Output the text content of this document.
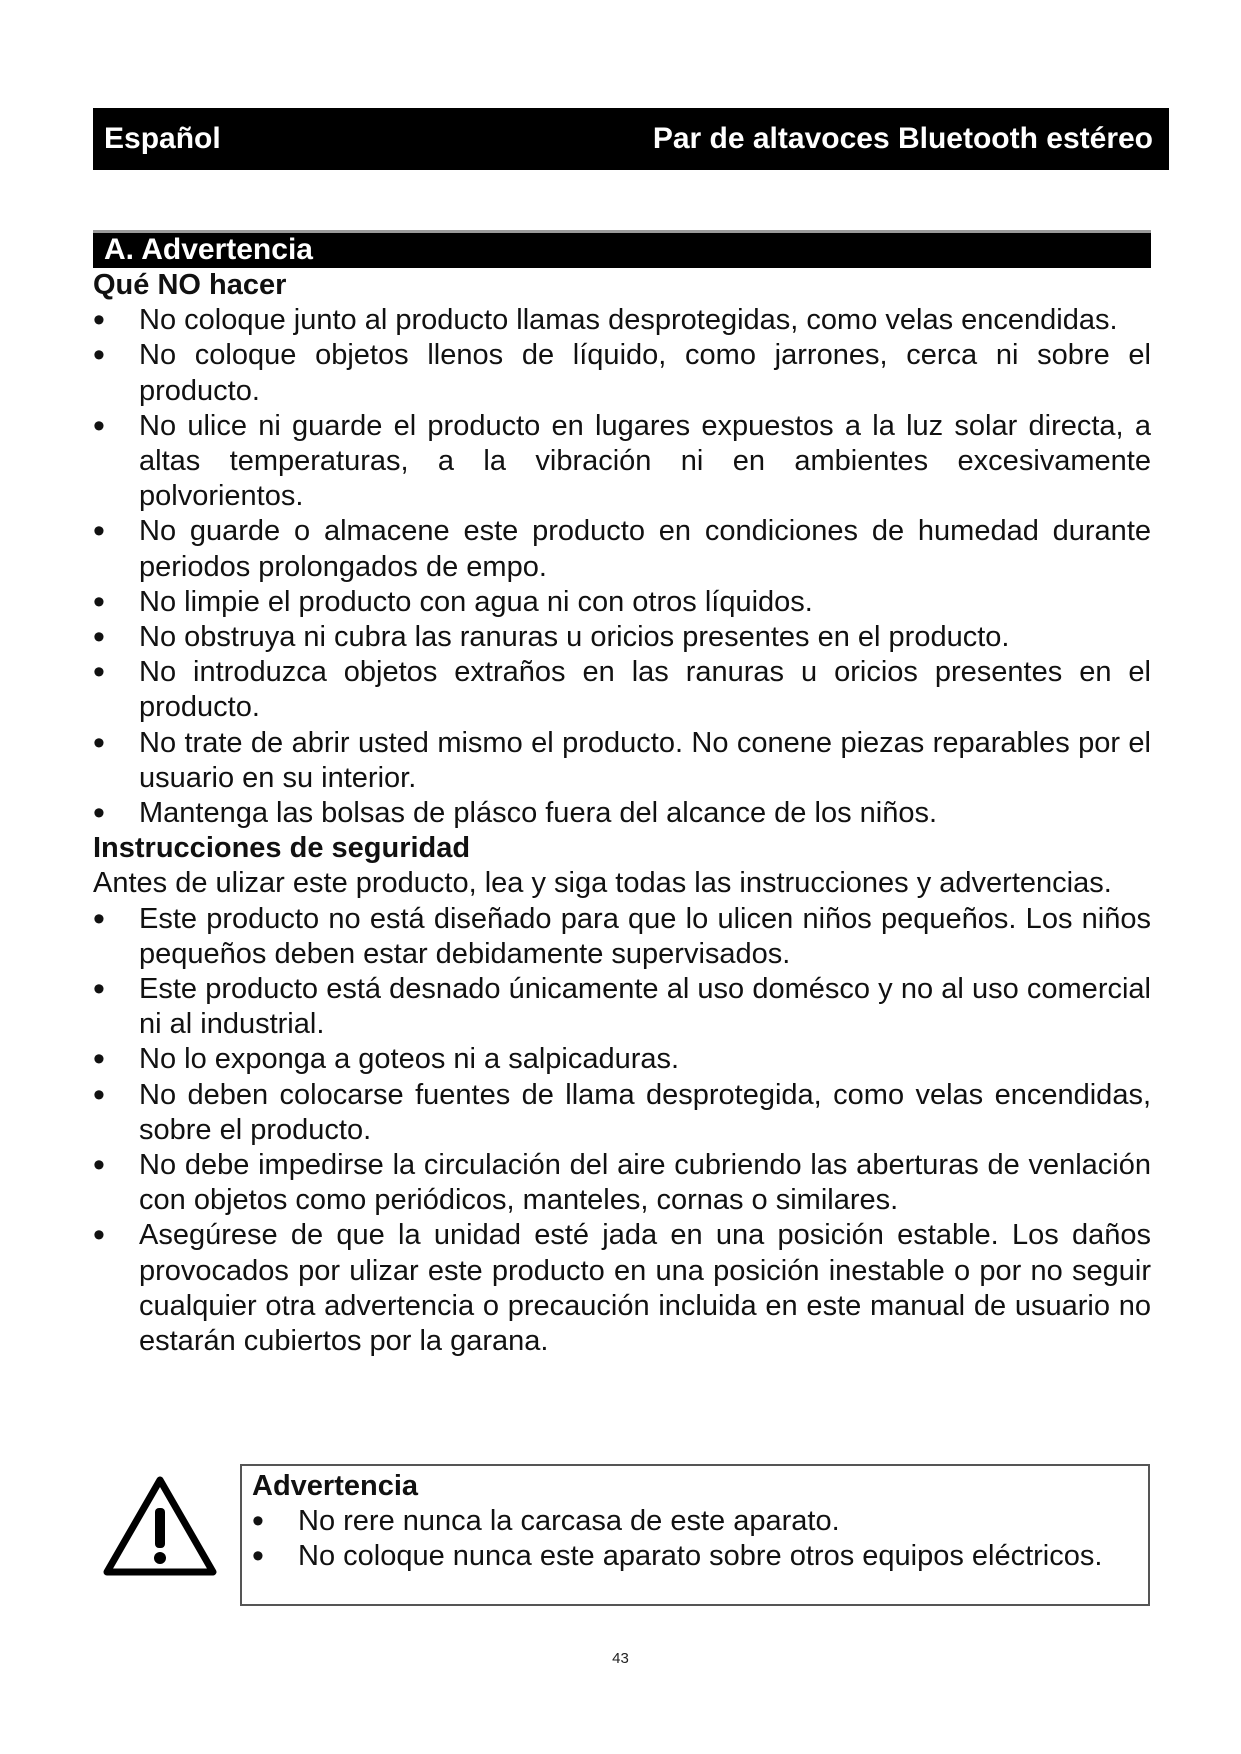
Español	Par de altavoces Bluetooth estéreo
A. Advertencia
Qué NO hacer
• No coloque junto al producto llamas desprotegidas, como velas encendidas.
• No coloque objetos llenos de líquido, como jarrones, cerca ni sobre el producto.
• No ulice ni guarde el producto en lugares expuestos a la luz solar directa, a altas temperaturas, a la vibración ni en ambientes excesivamente polvorientos.
• No guarde o almacene este producto en condiciones de humedad durante periodos prolongados de empo.
• No limpie el producto con agua ni con otros líquidos.
• No obstruya ni cubra las ranuras u oricios presentes en el producto.
• No introduzca objetos extraños en las ranuras u oricios presentes en el producto.
• No trate de abrir usted mismo el producto. No conene piezas reparables por el usuario en su interior.
• Mantenga las bolsas de plásco fuera del alcance de los niños.
Instrucciones de seguridad
Antes de ulizar este producto, lea y siga todas las instrucciones y advertencias.
• Este producto no está diseñado para que lo ulicen niños pequeños. Los niños pequeños deben estar debidamente supervisados.
• Este producto está desnado únicamente al uso domésco y no al uso comercial ni al industrial.
• No lo exponga a goteos ni a salpicaduras.
• No deben colocarse fuentes de llama desprotegida, como velas encendidas, sobre el producto.
• No debe impedirse la circulación del aire cubriendo las aberturas de venlación con objetos como periódicos, manteles, cornas o similares.
• Asegúrese de que la unidad esté jada en una posición estable. Los daños provocados por ulizar este producto en una posición inestable o por no seguir cualquier otra advertencia o precaución incluida en este manual de usuario no estarán cubiertos por la garana.
Advertencia
• No rere nunca la carcasa de este aparato.
• No coloque nunca este aparato sobre otros equipos eléctricos.
43
